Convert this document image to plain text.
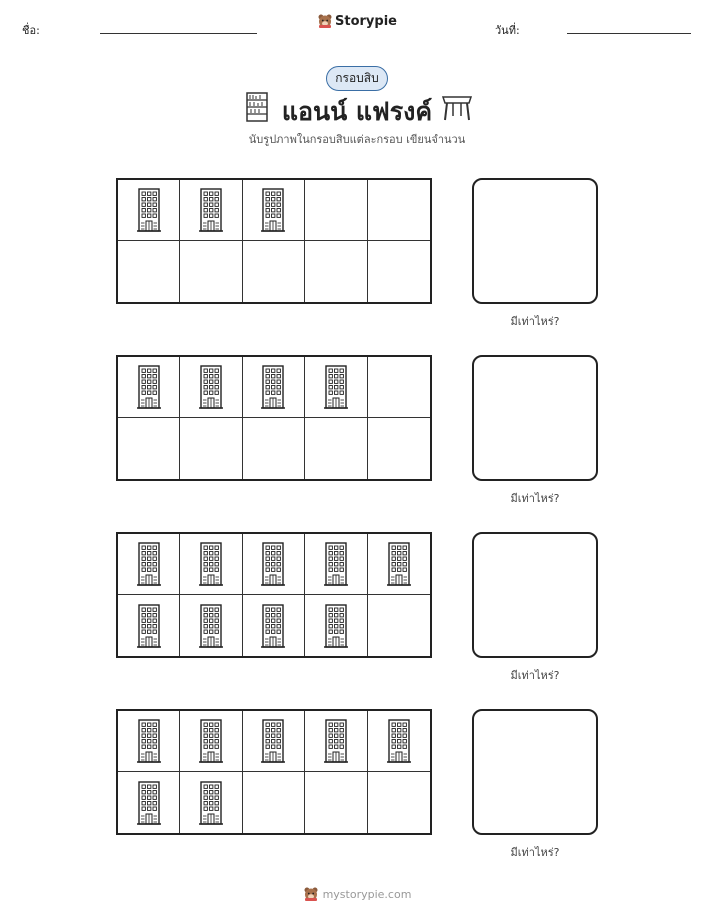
ชื่อ:
Storypie
วันที่:
กรอบสิบ
แอนน์ แฟรงค์
นับรูปภาพในกรอบสิบแต่ละกรอบ เขียนจำนวน
มีเท่าไหร่?
มีเท่าไหร่?
มีเท่าไหร่?
มีเท่าไหร่?
mystorypie.com
